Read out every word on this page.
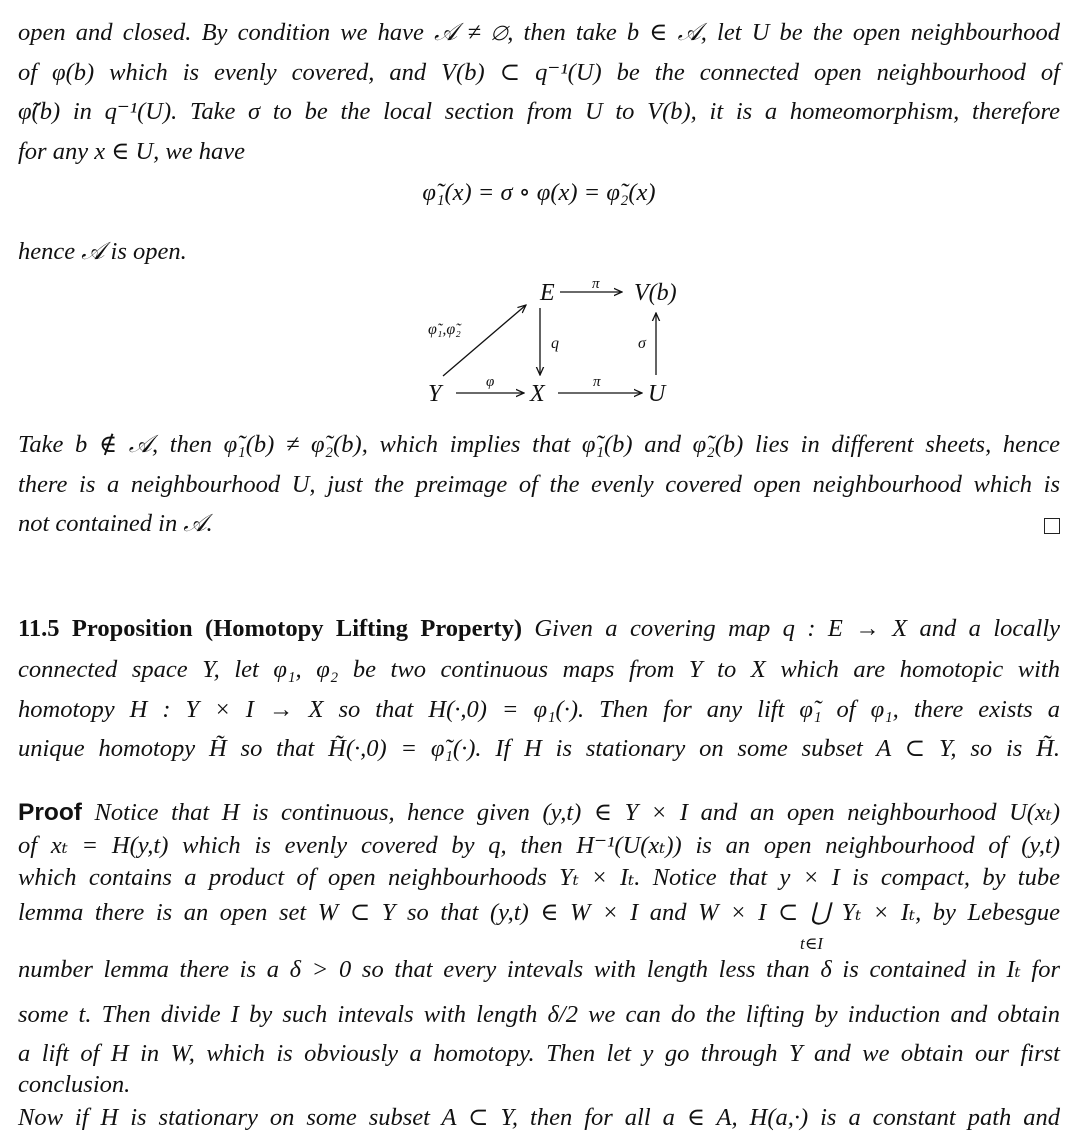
open and closed. By condition we have 𝒜 ≠ ∅, then take b ∈ 𝒜, let U be the open neighbourhood
of φ(b) which is evenly covered, and V(b) ⊂ q⁻¹(U) be the connected open neighbourhood of
φ̃(b) in q⁻¹(U). Take σ to be the local section from U to V(b), it is a homeomorphism, therefore
for any x ∈ U, we have
φ̃₁(x) = σ ∘ φ(x) = φ̃₂(x)
hence 𝒜 is open.
E	V(b)
Y	X	U
π
π
q	σ
φ
φ̃₁,φ̃₂
Take b ∉ 𝒜, then φ̃₁(b) ≠ φ̃₂(b), which implies that φ̃₁(b) and φ̃₂(b) lies in different sheets, hence
there is a neighbourhood U, just the preimage of the evenly covered open neighbourhood which is
not contained in 𝒜.
11.5 Proposition (Homotopy Lifting Property) Given a covering map q : E → X and a locally
connected space Y, let φ₁, φ₂ be two continuous maps from Y to X which are homotopic with
homotopy H : Y × I → X so that H(·,0) = φ₁(·). Then for any lift φ̃₁ of φ₁, there exists a
unique homotopy H̃ so that H̃(·,0) = φ̃₁(·). If H is stationary on some subset A ⊂ Y, so is H̃.
Proof Notice that H is continuous, hence given (y,t) ∈ Y × I and an open neighbourhood U(xₜ)
of xₜ = H(y,t) which is evenly covered by q, then H⁻¹(U(xₜ)) is an open neighbourhood of (y,t)
which contains a product of open neighbourhoods Yₜ × Iₜ. Notice that y × I is compact, by tube
lemma there is an open set W ⊂ Y so that (y,t) ∈ W × I and W × I ⊂ ⋃ Yₜ × Iₜ, by Lebesgue
t∈I
number lemma there is a δ > 0 so that every intevals with length less than δ is contained in Iₜ for
some t. Then divide I by such intevals with length δ/2 we can do the lifting by induction and obtain
a lift of H in W, which is obviously a homotopy. Then let y go through Y and we obtain our first
conclusion.
Now if H is stationary on some subset A ⊂ Y, then for all a ∈ A, H(a,·) is a constant path and
